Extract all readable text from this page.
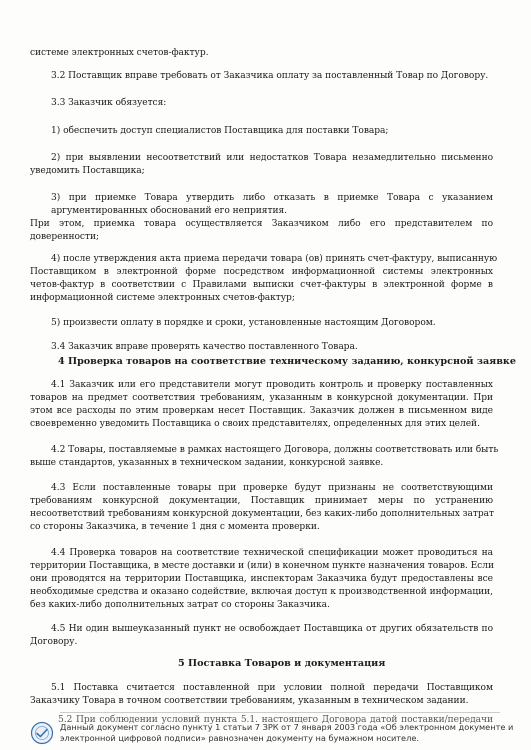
системе электронных счетов-фактур.
3.2 Поставщик вправе требовать от Заказчика оплату за поставленный Товар по Договору.
3.3 Заказчик обязуется:
1) обеспечить доступ специалистов Поставщика для поставки Товара;
2) при выявлении несоответствий или недостатков Товара незамедлительно письменно
уведомить Поставщика;
3) при приемке Товара утвердить либо отказать в приемке Товара с указанием
аргументированных обоснований его неприятия.
При этом, приемка товара осуществляется Заказчиком либо его представителем по
доверенности;
4) после утверждения акта приема передачи товара (ов) принять счет-фактуру, выписанную
Поставщиком в электронной форме посредством информационной системы электронных
четов-фактур в соответствии с Правилами выписки счет-фактуры в электронной форме в
информационной системе электронных счетов-фактур;
5) произвести оплату в порядке и сроки, установленные настоящим Договором.
3.4 Заказчик вправе проверять качество поставленного Товара.
4 Проверка товаров на соответствие техническому заданию, конкурсной заявке
4.1 Заказчик или его представители могут проводить контроль и проверку поставленных
товаров на предмет соответствия требованиям, указанным в конкурсной документации. При
этом все расходы по этим проверкам несет Поставщик. Заказчик должен в письменном виде
своевременно уведомить Поставщика о своих представителях, определенных для этих целей.
4.2 Товары, поставляемые в рамках настоящего Договора, должны соответствовать или быть
выше стандартов, указанных в техническом задании, конкурсной заявке.
4.3 Если поставленные товары при проверке будут признаны не соответствующими
требованиям конкурсной документации, Поставщик принимает меры по устранению
несоответствий требованиям конкурсной документации, без каких-либо дополнительных затрат
со стороны Заказчика, в течение 1 дня с момента проверки.
4.4 Проверка товаров на соответствие технической спецификации может проводиться на
территории Поставщика, в месте доставки и (или) в конечном пункте назначения товаров. Если
они проводятся на территории Поставщика, инспекторам Заказчика будут предоставлены все
необходимые средства и оказано содействие, включая доступ к производственной информации,
без каких-либо дополнительных затрат со стороны Заказчика.
4.5 Ни один вышеуказанный пункт не освобождает Поставщика от других обязательств по
Договору.
5 Поставка Товаров и документация
5.1 Поставка считается поставленной при условии полной передачи Поставщиком
Заказчику Товара в точном соответствии требованиям, указанным в техническом задании.
5.2 При соблюдении условий пункта 5.1. настоящего Договора датой поставки/передачи
Данный документ согласно пункту 1 статьи 7 ЗРК от 7 января 2003 года «Об электронном документе и
электронной цифровой подписи» равнозначен документу на бумажном носителе.
